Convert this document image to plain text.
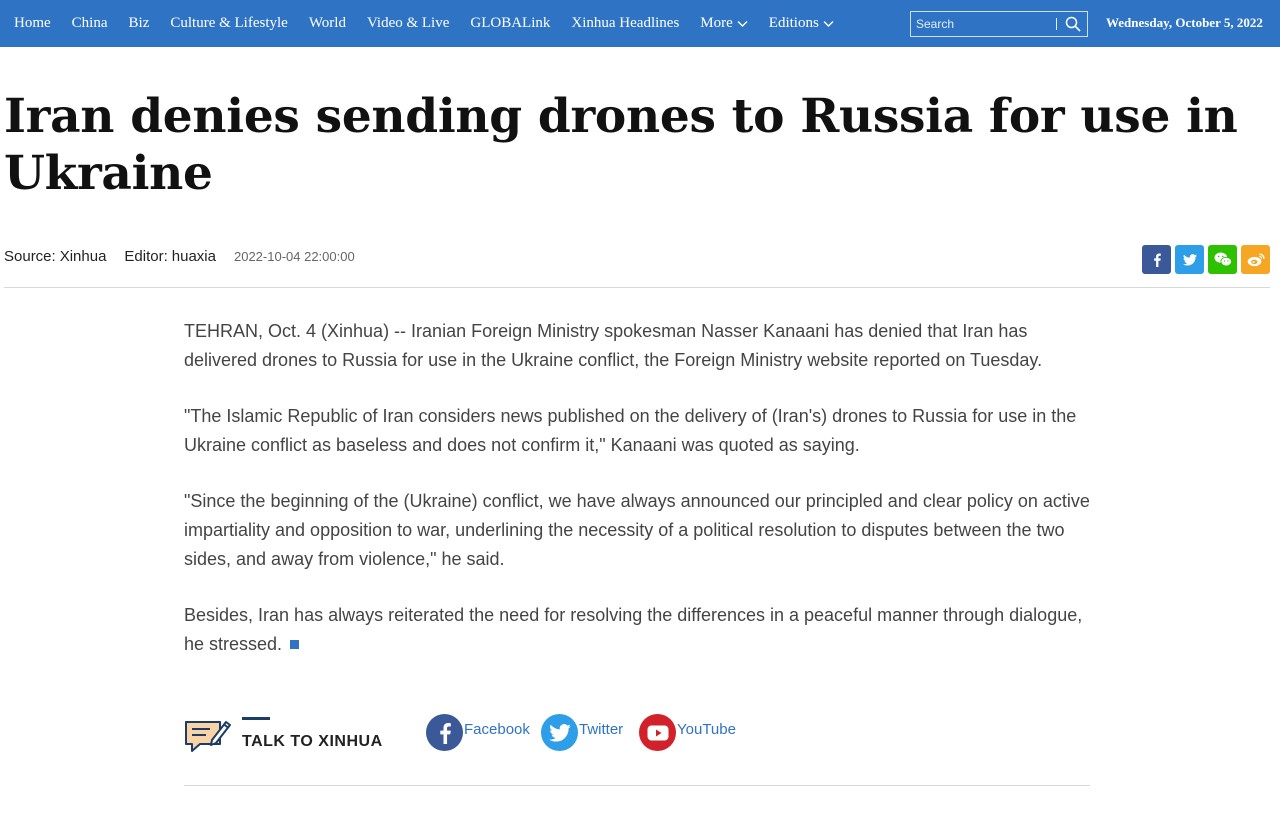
Home China Biz Culture & Lifestyle World Video & Live GLOBALink Xinhua Headlines More Editions
Search	Wednesday, October 5, 2022
Iran denies sending drones to Russia for use in Ukraine
Source: Xinhua Editor: huaxia 2022-10-04 22:00:00

TEHRAN, Oct. 4 (Xinhua) -- Iranian Foreign Ministry spokesman Nasser Kanaani has denied that Iran has delivered drones to Russia for use in the Ukraine conflict, the Foreign Ministry website reported on Tuesday.

"The Islamic Republic of Iran considers news published on the delivery of (Iran's) drones to Russia for use in the Ukraine conflict as baseless and does not confirm it," Kanaani was quoted as saying.

"Since the beginning of the (Ukraine) conflict, we have always announced our principled and clear policy on active impartiality and opposition to war, underlining the necessity of a political resolution to disputes between the two sides, and away from violence," he said.

Besides, Iran has always reiterated the need for resolving the differences in a peaceful manner through dialogue, he stressed.

TALK TO XINHUA
Facebook	Twitter	YouTube
